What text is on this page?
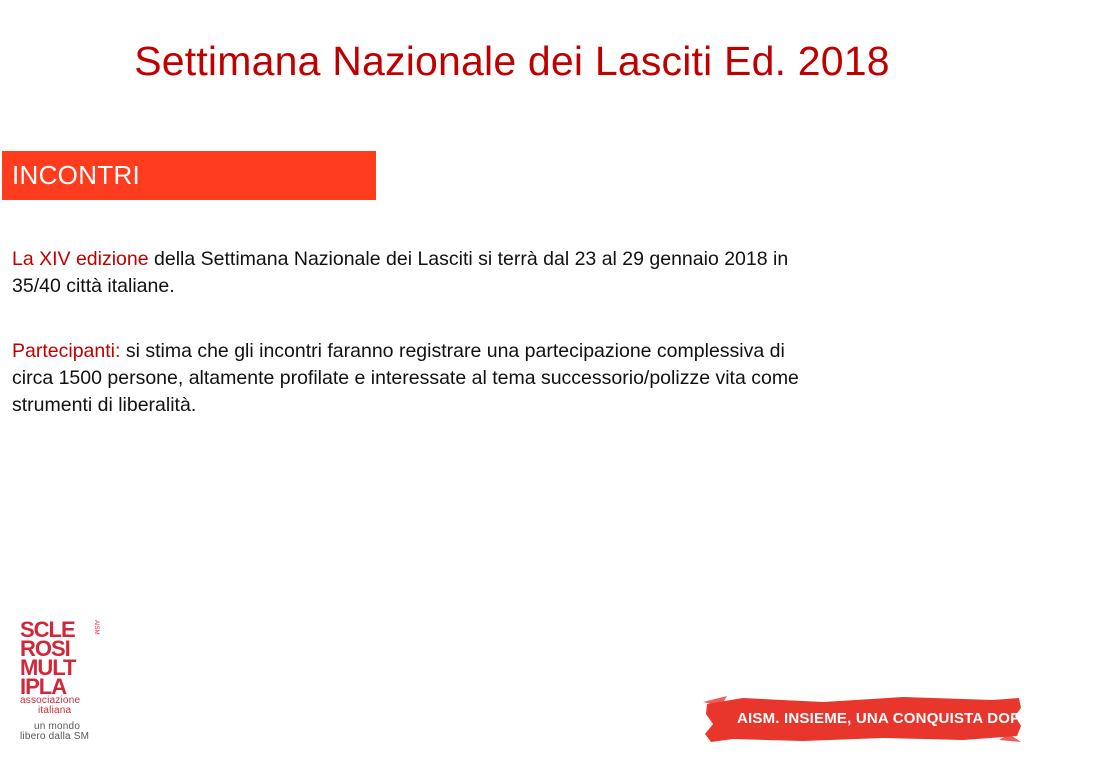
Settimana Nazionale dei Lasciti Ed. 2018
INCONTRI

La XIV edizione della Settimana Nazionale dei Lasciti si terrà dal 23 al 29 gennaio 2018 in 35/40 città italiane.

Partecipanti: si stima che gli incontri faranno registrare una partecipazione complessiva di circa 1500 persone, altamente profilate e interessate al tema successorio/polizze vita come strumenti di liberalità.

SCLE
ROSI
MULT
IPLA
associazione
italiana
un mondo
libero dalla SM
AISM
AISM. INSIEME, UNA CONQUISTA DOPO L'ALTRA
